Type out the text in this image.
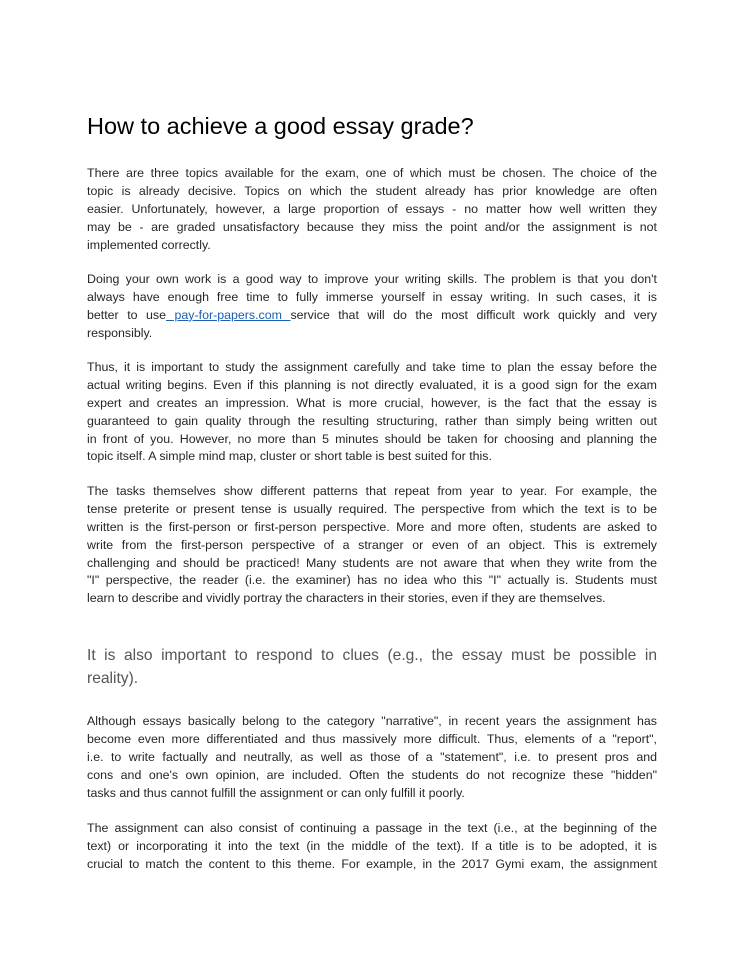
How to achieve a good essay grade?
There are three topics available for the exam, one of which must be chosen. The choice of the
topic is already decisive. Topics on which the student already has prior knowledge are often
easier. Unfortunately, however, a large proportion of essays - no matter how well written they
may be - are graded unsatisfactory because they miss the point and/or the assignment is not
implemented correctly.
Doing your own work is a good way to improve your writing skills. The problem is that you don't
always have enough free time to fully immerse yourself in essay writing. In such cases, it is
better to use pay-for-papers.com service that will do the most difficult work quickly and very
responsibly.
Thus, it is important to study the assignment carefully and take time to plan the essay before the
actual writing begins. Even if this planning is not directly evaluated, it is a good sign for the exam
expert and creates an impression. What is more crucial, however, is the fact that the essay is
guaranteed to gain quality through the resulting structuring, rather than simply being written out
in front of you. However, no more than 5 minutes should be taken for choosing and planning the
topic itself. A simple mind map, cluster or short table is best suited for this.
The tasks themselves show different patterns that repeat from year to year. For example, the
tense preterite or present tense is usually required. The perspective from which the text is to be
written is the first-person or first-person perspective. More and more often, students are asked to
write from the first-person perspective of a stranger or even of an object. This is extremely
challenging and should be practiced! Many students are not aware that when they write from the
"I" perspective, the reader (i.e. the examiner) has no idea who this "I" actually is. Students must
learn to describe and vividly portray the characters in their stories, even if they are themselves.
It is also important to respond to clues (e.g., the essay must be possible in
reality).
Although essays basically belong to the category "narrative", in recent years the assignment has
become even more differentiated and thus massively more difficult. Thus, elements of a "report",
i.e. to write factually and neutrally, as well as those of a "statement", i.e. to present pros and
cons and one's own opinion, are included. Often the students do not recognize these "hidden"
tasks and thus cannot fulfill the assignment or can only fulfill it poorly.
The assignment can also consist of continuing a passage in the text (i.e., at the beginning of the
text) or incorporating it into the text (in the middle of the text). If a title is to be adopted, it is
crucial to match the content to this theme. For example, in the 2017 Gymi exam, the assignment
